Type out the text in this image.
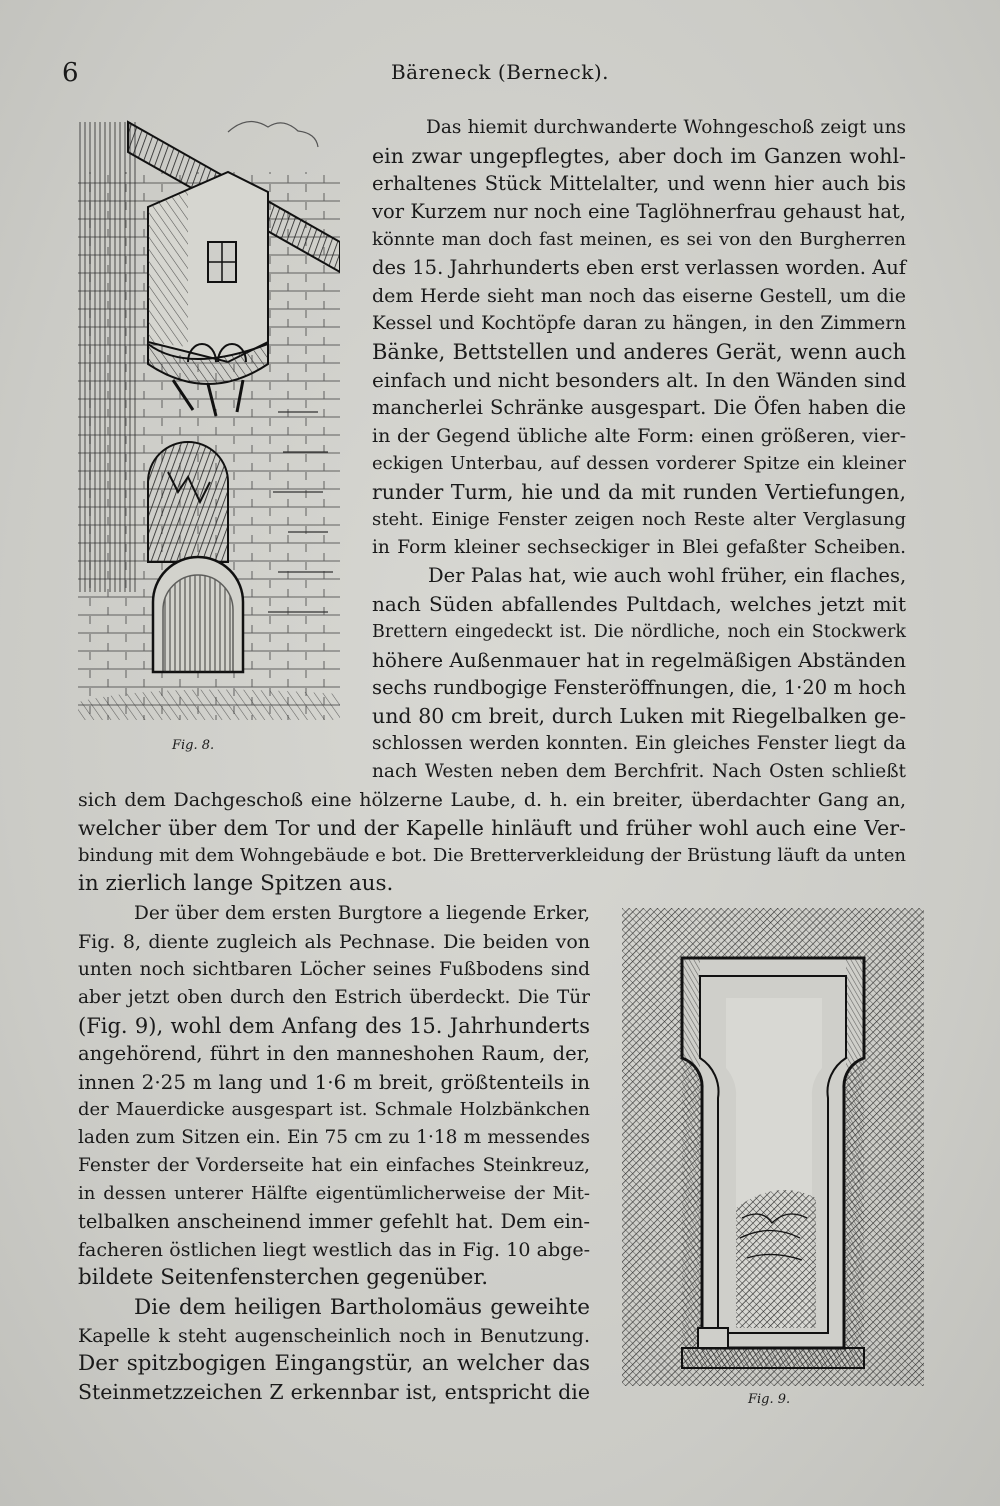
6	Bäreneck (Berneck).
Fig. 8.
Fig. 9.
Das hiemit durchwanderte Wohngeschoß zeigt uns
ein zwar ungepflegtes, aber doch im Ganzen wohl-
erhaltenes Stück Mittelalter, und wenn hier auch bis
vor Kurzem nur noch eine Taglöhnerfrau gehaust hat,
könnte man doch fast meinen, es sei von den Burgherren
des 15. Jahrhunderts eben erst verlassen worden. Auf
dem Herde sieht man noch das eiserne Gestell, um die
Kessel und Kochtöpfe daran zu hängen, in den Zimmern
Bänke, Bettstellen und anderes Gerät, wenn auch
einfach und nicht besonders alt. In den Wänden sind
mancherlei Schränke ausgespart. Die Öfen haben die
in der Gegend übliche alte Form: einen größeren, vier-
eckigen Unterbau, auf dessen vorderer Spitze ein kleiner
runder Turm, hie und da mit runden Vertiefungen,
steht. Einige Fenster zeigen noch Reste alter Verglasung
in Form kleiner sechseckiger in Blei gefaßter Scheiben.
Der Palas hat, wie auch wohl früher, ein flaches,
nach Süden abfallendes Pultdach, welches jetzt mit
Brettern eingedeckt ist. Die nördliche, noch ein Stockwerk
höhere Außenmauer hat in regelmäßigen Abständen
sechs rundbogige Fensteröffnungen, die, 1·20 m hoch
und 80 cm breit, durch Luken mit Riegelbalken ge-
schlossen werden konnten. Ein gleiches Fenster liegt da
nach Westen neben dem Berchfrit. Nach Osten schließt
sich dem Dachgeschoß eine hölzerne Laube, d. h. ein breiter, überdachter Gang an,
welcher über dem Tor und der Kapelle hinläuft und früher wohl auch eine Ver-
bindung mit dem Wohngebäude e bot. Die Bretterverkleidung der Brüstung läuft da unten
in zierlich lange Spitzen aus.
Der über dem ersten Burgtore a liegende Erker,
Fig. 8, diente zugleich als Pechnase. Die beiden von
unten noch sichtbaren Löcher seines Fußbodens sind
aber jetzt oben durch den Estrich überdeckt. Die Tür
(Fig. 9), wohl dem Anfang des 15. Jahrhunderts
angehörend, führt in den manneshohen Raum, der,
innen 2·25 m lang und 1·6 m breit, größtenteils in
der Mauerdicke ausgespart ist. Schmale Holzbänkchen
laden zum Sitzen ein. Ein 75 cm zu 1·18 m messendes
Fenster der Vorderseite hat ein einfaches Steinkreuz,
in dessen unterer Hälfte eigentümlicherweise der Mit-
telbalken anscheinend immer gefehlt hat. Dem ein-
facheren östlichen liegt westlich das in Fig. 10 abge-
bildete Seitenfensterchen gegenüber.
Die dem heiligen Bartholomäus geweihte
Kapelle k steht augenscheinlich noch in Benutzung.
Der spitzbogigen Eingangstür, an welcher das
Steinmetzzeichen Z erkennbar ist, entspricht die
